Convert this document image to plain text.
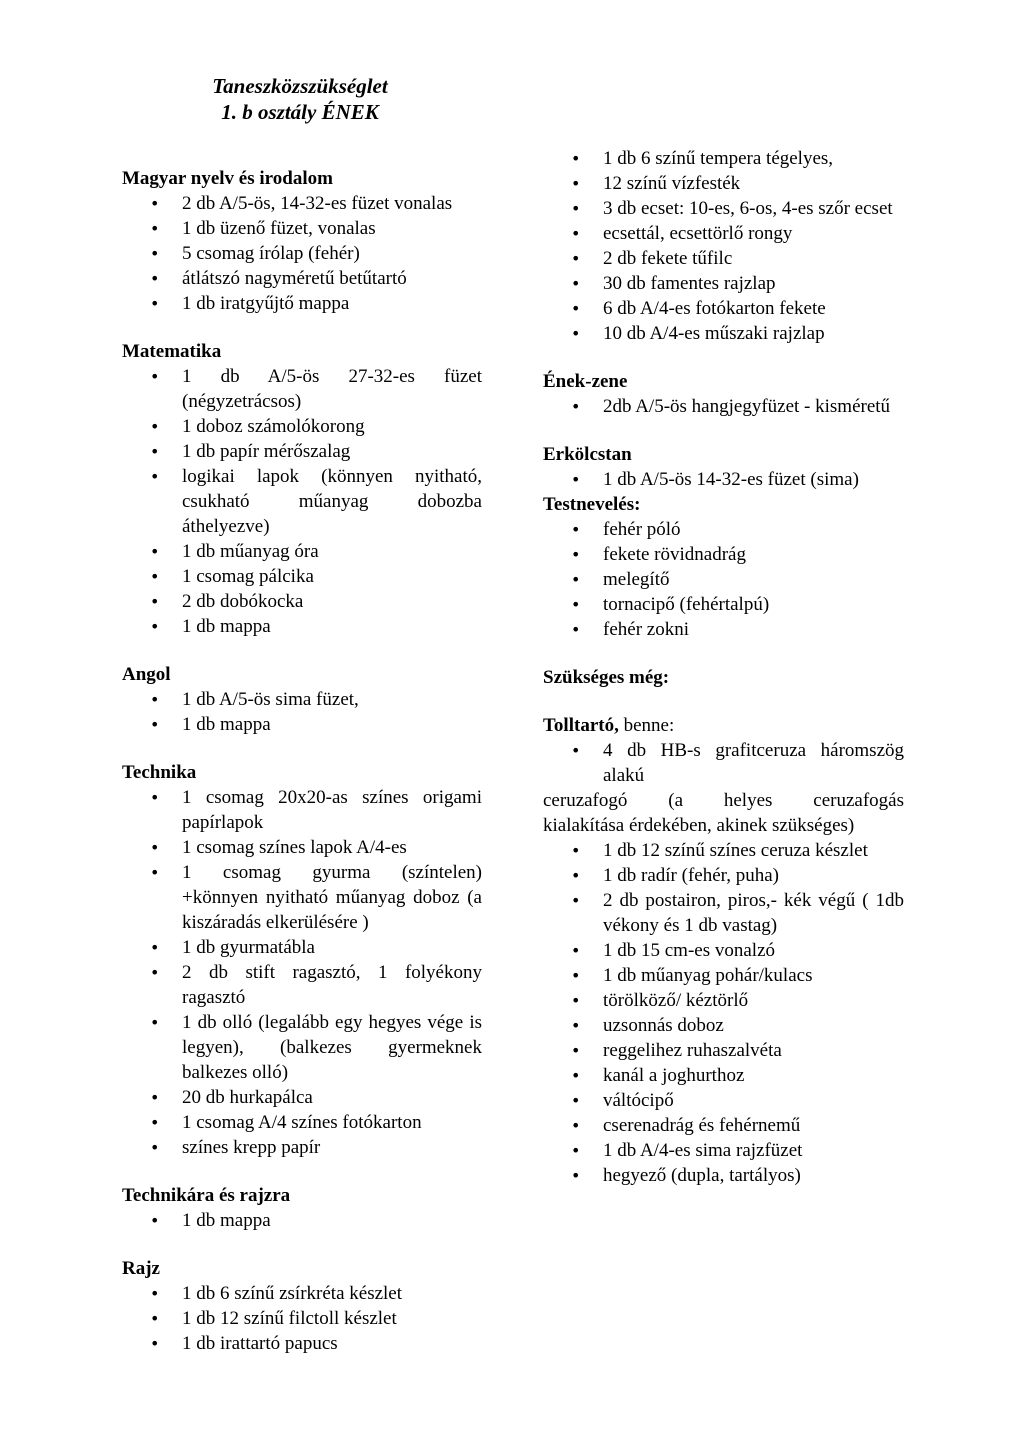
Taneszközszükséglet
1. b osztály ÉNEK
Magyar nyelv és irodalom
• 2 db A/5-ös, 14-32-es füzet vonalas
• 1 db üzenő füzet, vonalas
• 5 csomag írólap (fehér)
• átlátszó nagyméretű betűtartó
• 1 db iratgyűjtő mappa
Matematika
• 1 db A/5-ös 27-32-es füzet (négyzetrácsos)
• 1 doboz számolókorong
• 1 db papír mérőszalag
• logikai lapok (könnyen nyitható, csukható műanyag dobozba áthelyezve)
• 1 db műanyag óra
• 1 csomag pálcika
• 2 db dobókocka
• 1 db mappa
Angol
• 1 db A/5-ös sima füzet,
• 1 db mappa
Technika
• 1 csomag 20x20-as színes origami papírlapok
• 1 csomag színes lapok A/4-es
• 1 csomag gyurma (színtelen) +könnyen nyitható műanyag doboz (a kiszáradás elkerülésére )
• 1 db gyurmatábla
• 2 db stift ragasztó, 1 folyékony ragasztó
• 1 db olló (legalább egy hegyes vége is legyen), (balkezes gyermeknek balkezes olló)
• 20 db hurkapálca
• 1 csomag A/4 színes fotókarton
• színes krepp papír
Technikára és rajzra
• 1 db mappa
Rajz
• 1 db 6 színű zsírkréta készlet
• 1 db 12 színű filctoll készlet
• 1 db irattartó papucs
• 1 db 6 színű tempera tégelyes,
• 12 színű vízfesték
• 3 db ecset: 10-es, 6-os, 4-es szőr ecset
• ecsettál, ecsettörlő rongy
• 2 db fekete tűfilc
• 30 db famentes rajzlap
• 6 db A/4-es fotókarton fekete
• 10 db A/4-es műszaki rajzlap
Ének-zene
• 2db A/5-ös hangjegyfüzet - kisméretű
Erkölcstan
• 1 db A/5-ös 14-32-es füzet (sima)
Testnevelés:
• fehér póló
• fekete rövidnadrág
• melegítő
• tornacipő (fehértalpú)
• fehér zokni
Szükséges még:
Tolltartó, benne:
• 4 db HB-s grafitceruza háromszög alakú
ceruzafogó (a helyes ceruzafogás
kialakítása érdekében, akinek szükséges)
• 1 db 12 színű színes ceruza készlet
• 1 db radír (fehér, puha)
• 2 db postairon, piros,- kék végű ( 1db vékony és 1 db vastag)
• 1 db 15 cm-es vonalzó
• 1 db műanyag pohár/kulacs
• törölköző/ kéztörlő
• uzsonnás doboz
• reggelihez ruhaszalvéta
• kanál a joghurthoz
• váltócipő
• cserenadrág és fehérnemű
• 1 db A/4-es sima rajzfüzet
• hegyező (dupla, tartályos)
